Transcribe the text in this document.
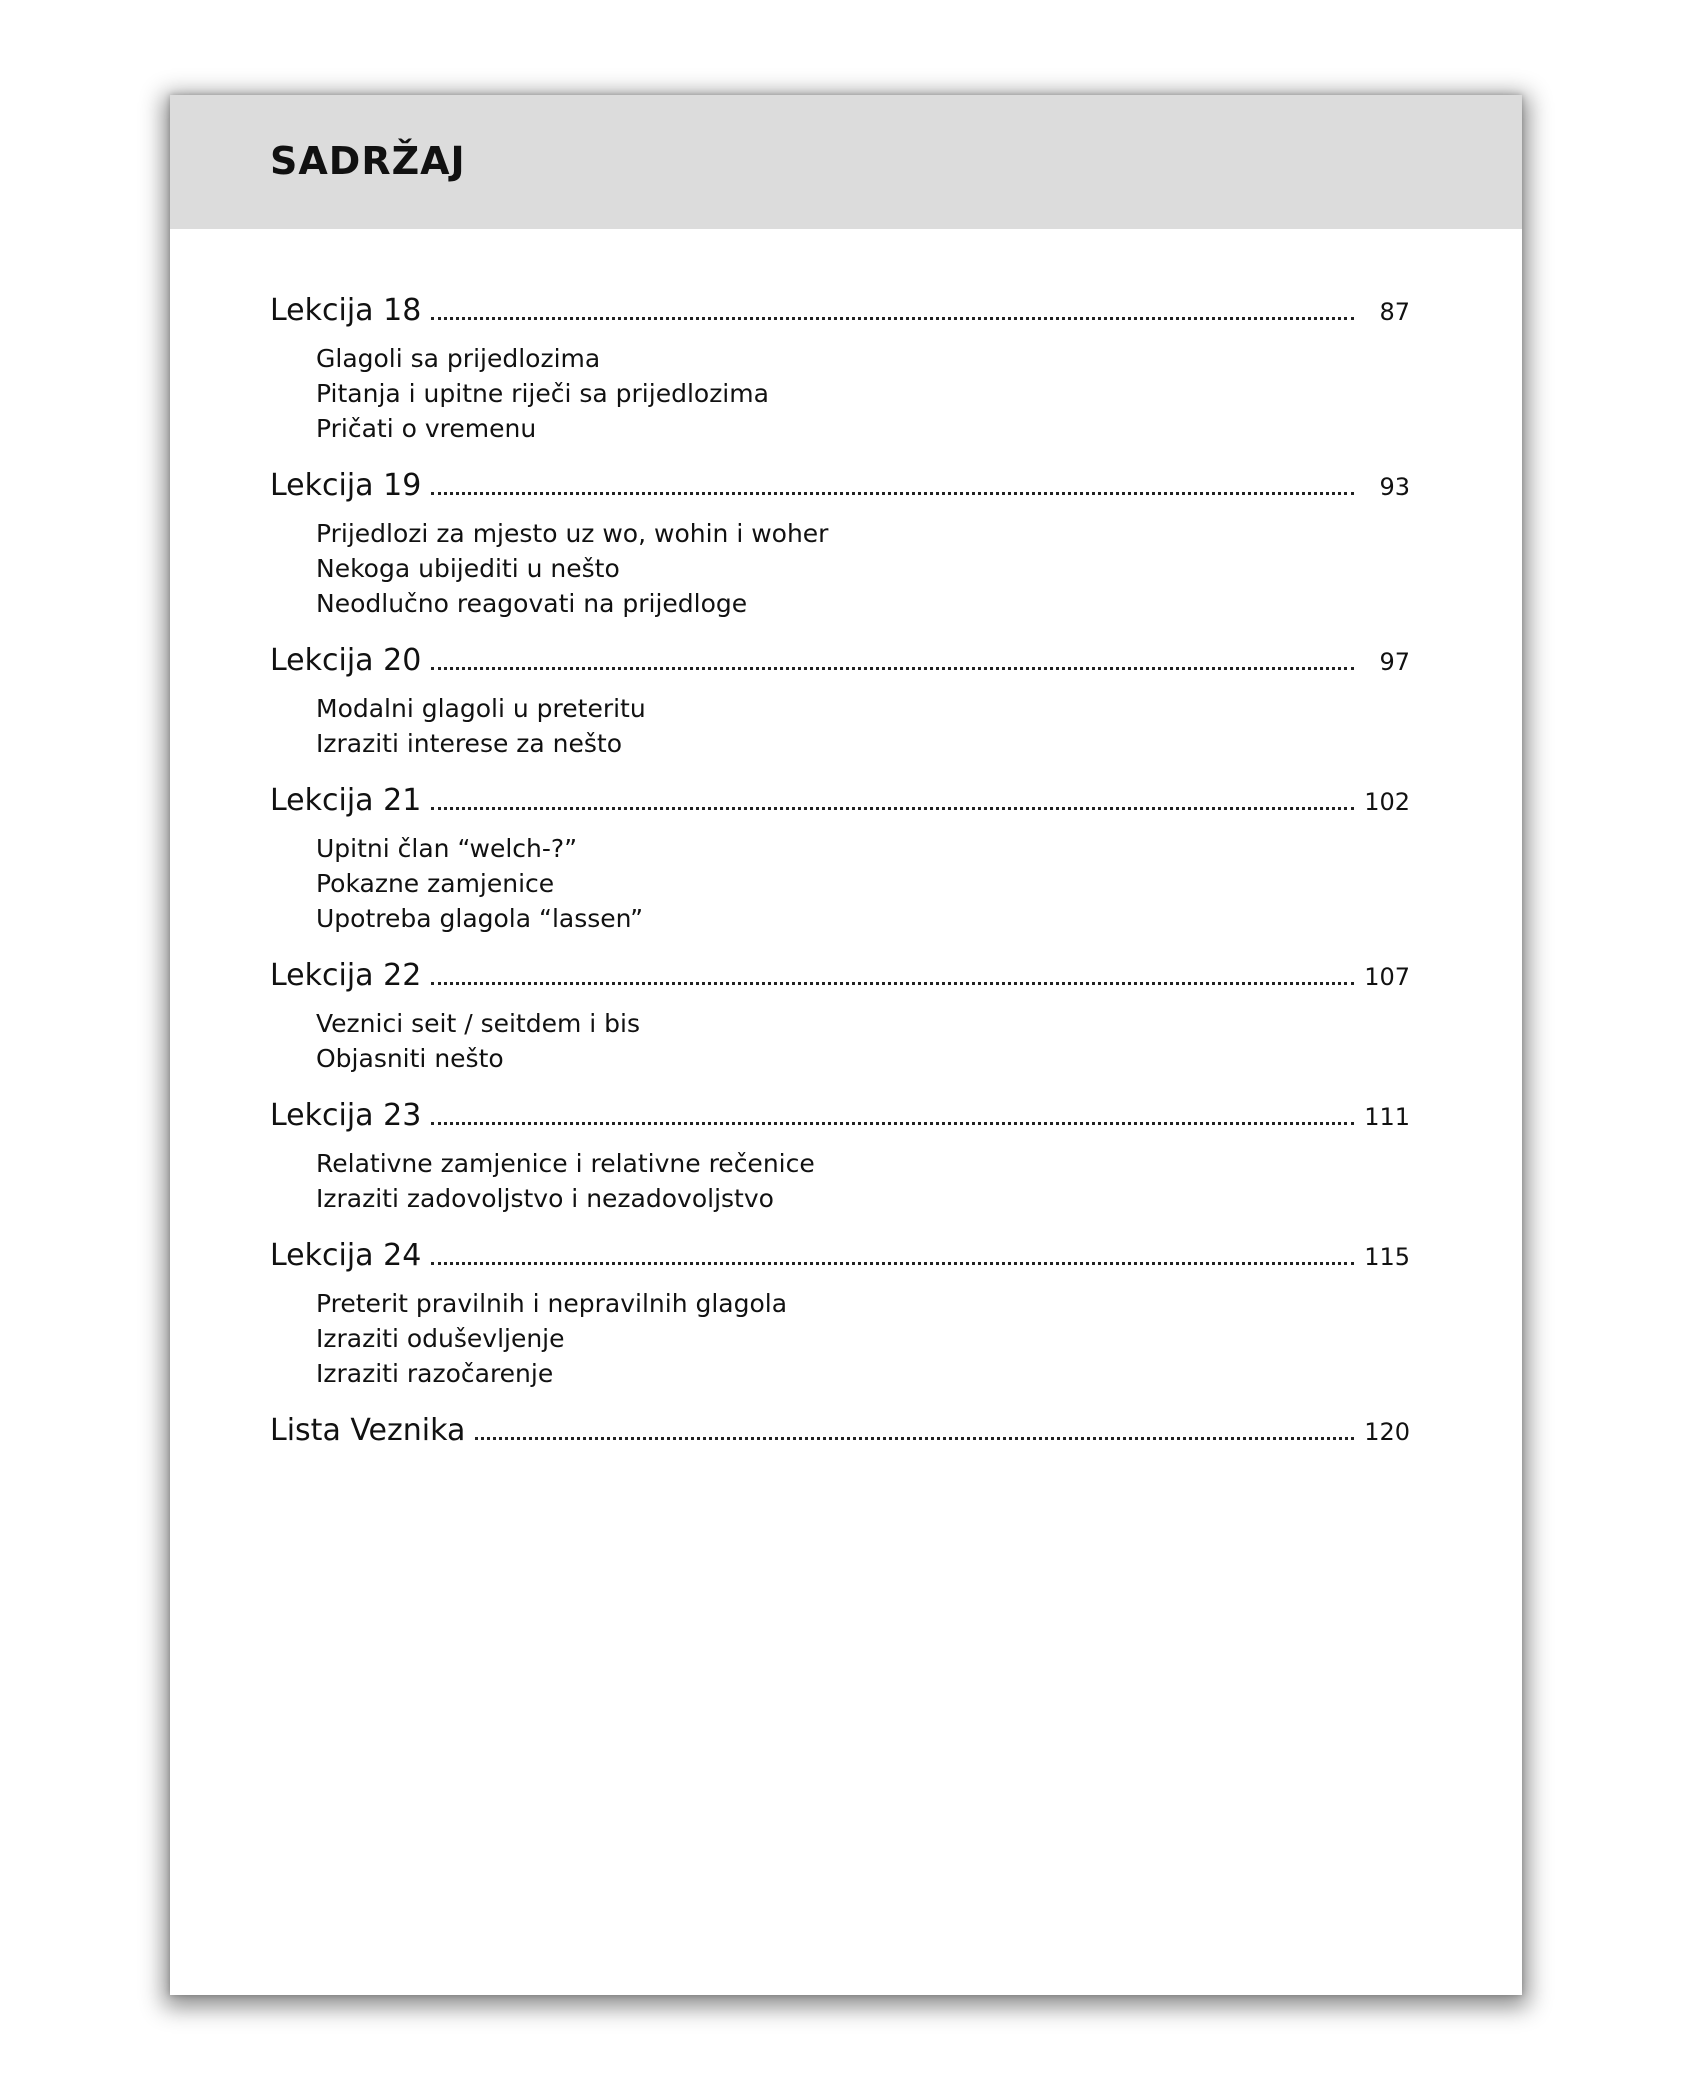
SADRŽAJ
Lekcija 18	87
Glagoli sa prijedlozima
Pitanja i upitne riječi sa prijedlozima
Pričati o vremenu
Lekcija 19	93
Prijedlozi za mjesto uz wo, wohin i woher
Nekoga ubijediti u nešto
Neodlučno reagovati na prijedloge
Lekcija 20	97
Modalni glagoli u preteritu
Izraziti interese za nešto
Lekcija 21	102
Upitni član “welch-?”
Pokazne zamjenice
Upotreba glagola “lassen”
Lekcija 22	107
Veznici seit / seitdem i bis
Objasniti nešto
Lekcija 23	111
Relativne zamjenice i relativne rečenice
Izraziti zadovoljstvo i nezadovoljstvo
Lekcija 24	115
Preterit pravilnih i nepravilnih glagola
Izraziti oduševljenje
Izraziti razočarenje
Lista Veznika	120
